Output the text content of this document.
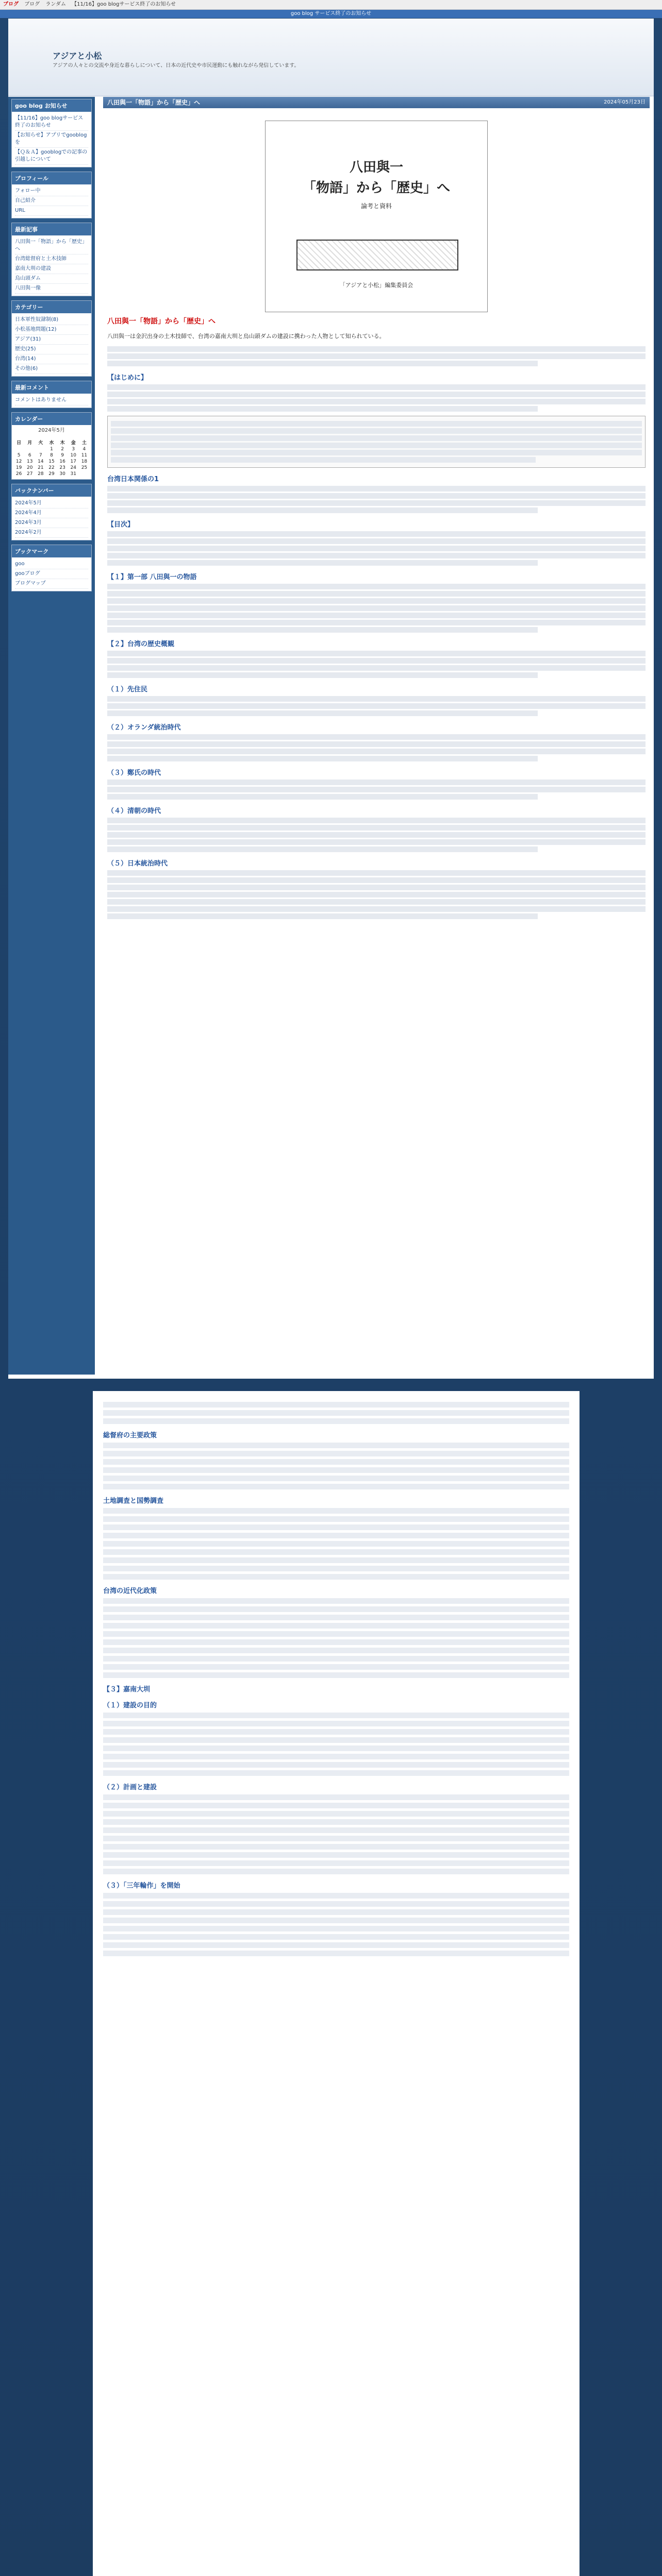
ブログ ブログ ランダム 【11/16】goo blogサービス終了のお知らせ
goo blog サービス終了のお知らせ
アジアと小松
アジアの人々との交流や身近な暮らしについて、日本の近代史や市民運動にも触れながら発信しています。
goo blog お知らせ
【11/16】goo blogサービス終了のお知らせ
【お知らせ】アプリでgooblogを
【Ｑ＆Ａ】gooblogでの記事の引越しについて
プロフィール
フォロー中
自己紹介
URL
最新記事
八田與一「物語」から「歴史」へ
台湾総督府と土木技師
嘉南大圳の建設
烏山頭ダム
八田與一像
カテゴリー
日本軍性奴隷制(8)
小松基地問題(12)
アジア(31)
歴史(25)
台湾(14)
その他(6)
最新コメント
コメントはありません
カレンダー

2024年5月

日	月	火	水	木	金	土
			1	2	3	4
5	6	7	8	9	10	11
12	13	14	15	16	17	18
19	20	21	22	23	24	25
26	27	28	29	30	31	
バックナンバー
2024年5月
2024年4月
2024年3月
2024年2月
ブックマーク
goo
gooブログ
ブログマップ
八田與一「物語」から「歴史」へ	2024年05月23日
八田與一
「物語」から「歴史」へ
論考と資料
「アジアと小松」編集委員会
八田與一「物語」から「歴史」へ

八田與一は金沢出身の土木技師で、台湾の嘉南大圳と烏山頭ダムの建設に携わった人物として知られている。

【はじめに】
台湾日本関係の1
【目次】
【１】第一部 八田與一の物語
【２】台湾の歴史概観
（１）先住民
（２）オランダ統治時代
（３）鄭氏の時代
（４）清朝の時代
（５）日本統治時代
総督府の主要政策
土地調査と国勢調査
台湾の近代化政策
【３】嘉南大圳
（１）建設の目的
（２）計画と建設
（３）「三年輪作」を開始
